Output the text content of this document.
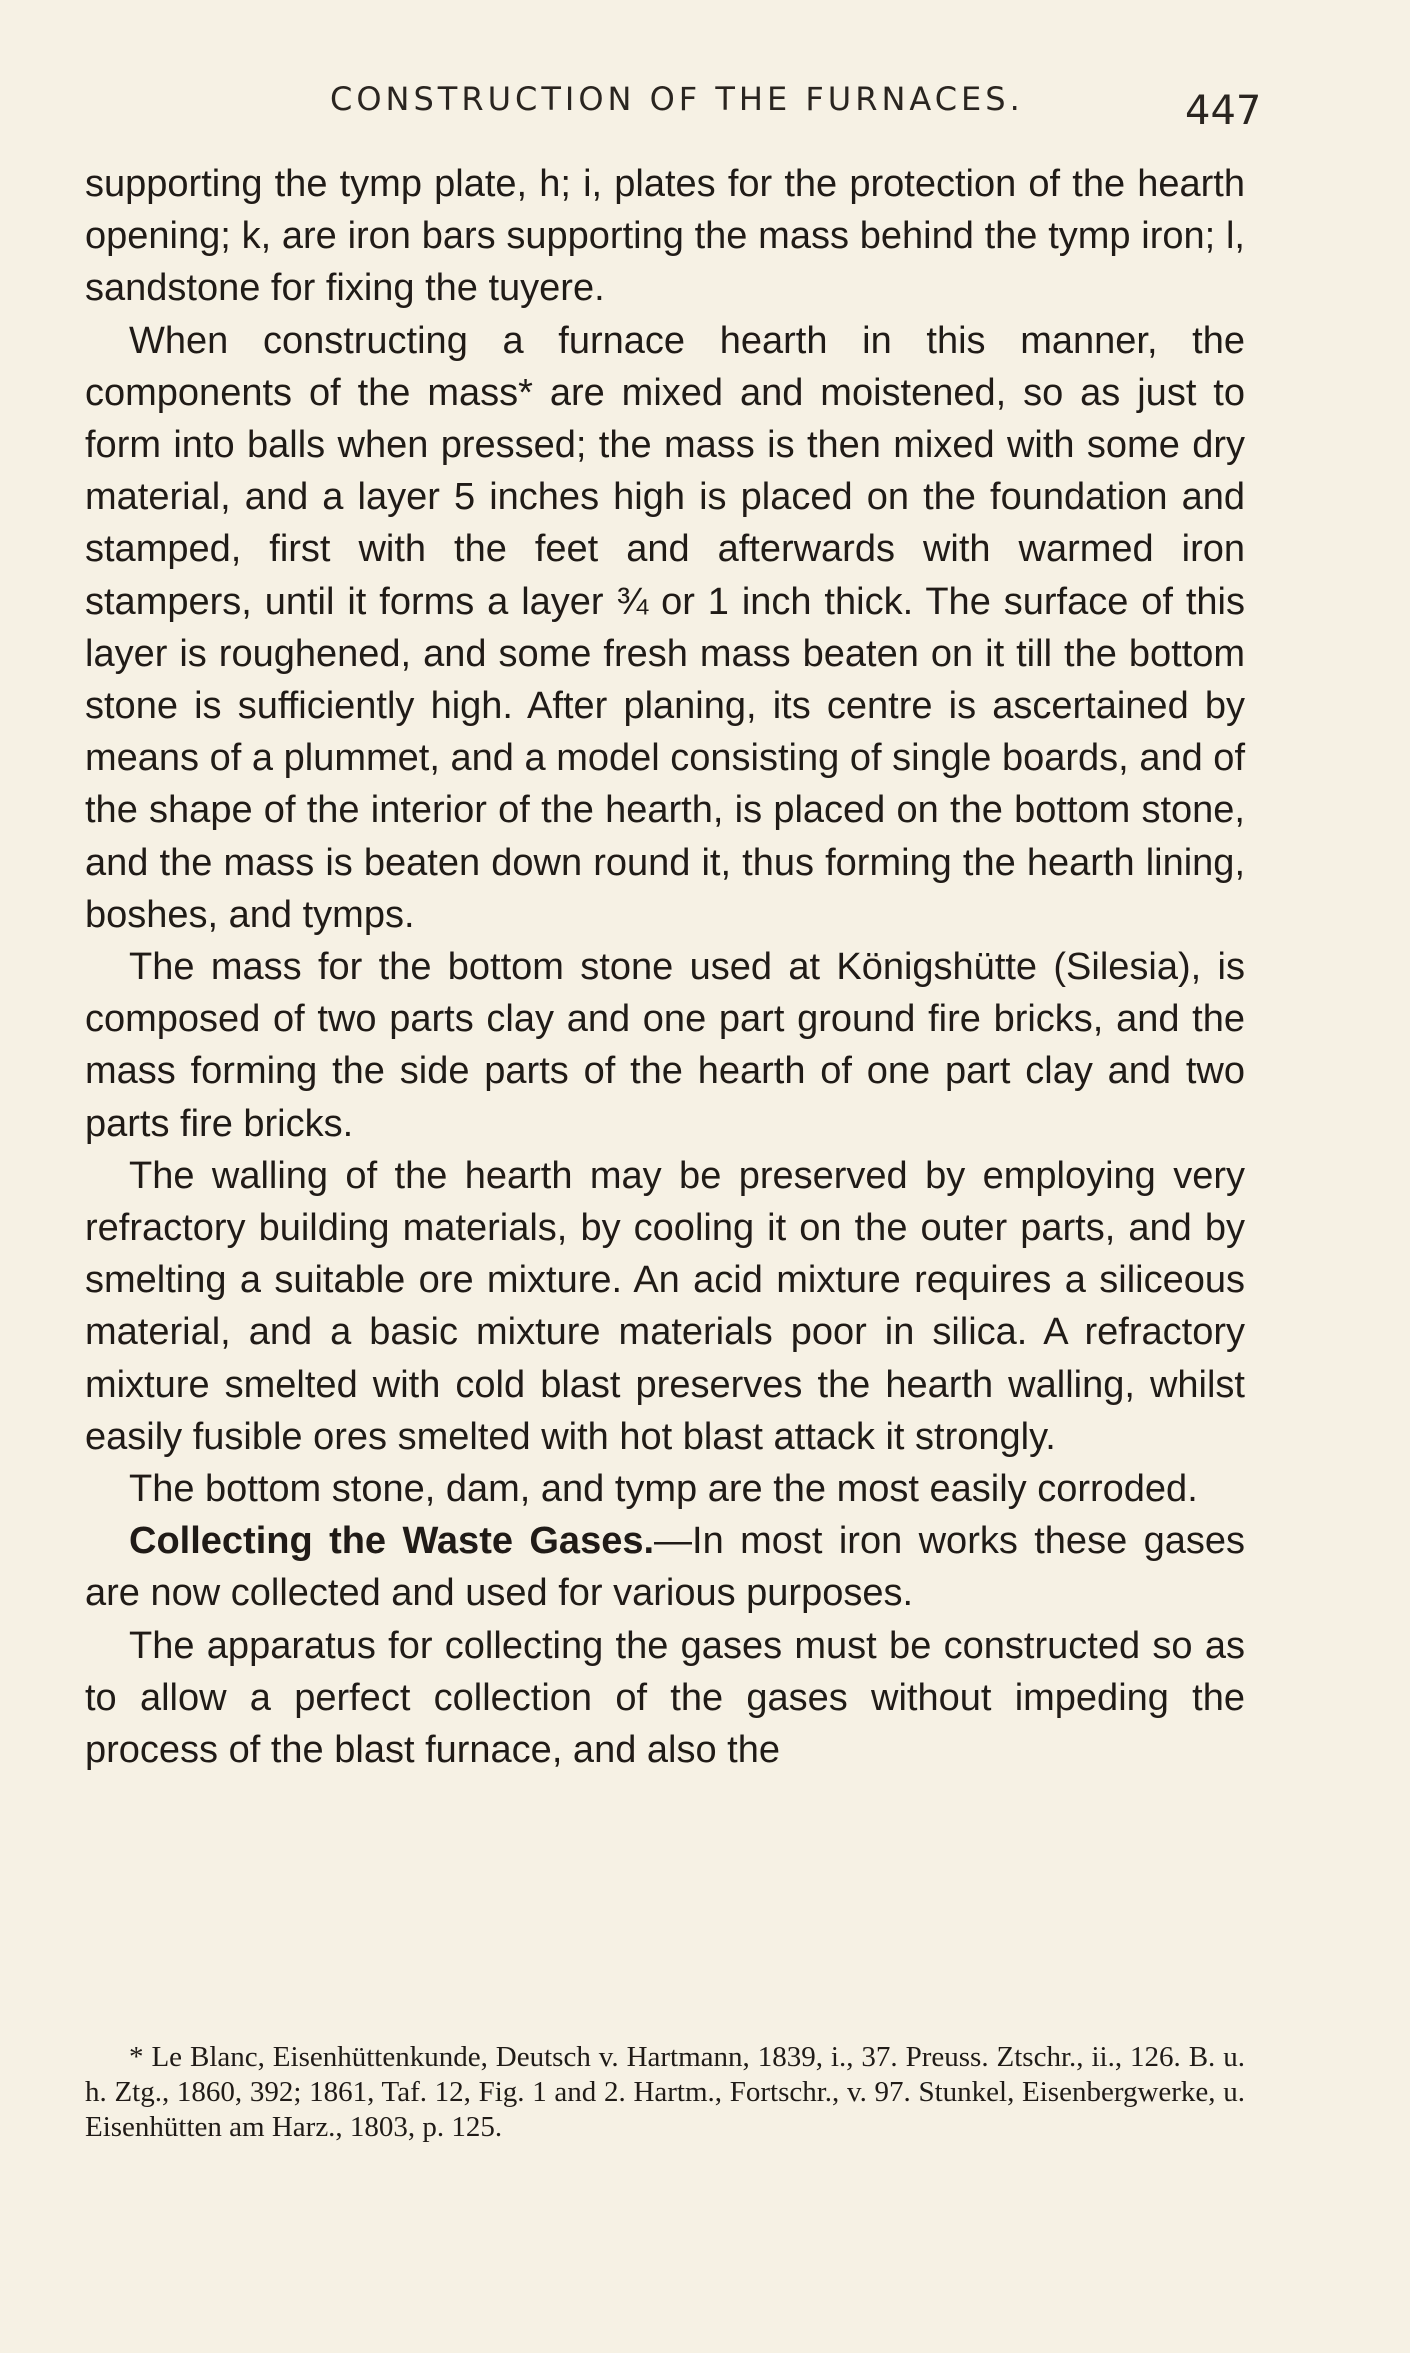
CONSTRUCTION OF THE FURNACES.	447

supporting the tymp plate, h; i, plates for the protection of the hearth opening; k, are iron bars supporting the mass behind the tymp iron; l, sandstone for fixing the tuyere.

When constructing a furnace hearth in this manner, the components of the mass* are mixed and moistened, so as just to form into balls when pressed; the mass is then mixed with some dry material, and a layer 5 inches high is placed on the foundation and stamped, first with the feet and afterwards with warmed iron stampers, until it forms a layer ¾ or 1 inch thick. The surface of this layer is roughened, and some fresh mass beaten on it till the bottom stone is sufficiently high. After planing, its centre is ascertained by means of a plummet, and a model consisting of single boards, and of the shape of the interior of the hearth, is placed on the bottom stone, and the mass is beaten down round it, thus forming the hearth lining, boshes, and tymps.

The mass for the bottom stone used at Königshütte (Silesia), is composed of two parts clay and one part ground fire bricks, and the mass forming the side parts of the hearth of one part clay and two parts fire bricks.

The walling of the hearth may be preserved by employing very refractory building materials, by cooling it on the outer parts, and by smelting a suitable ore mixture. An acid mixture requires a siliceous material, and a basic mixture materials poor in silica. A refractory mixture smelted with cold blast preserves the hearth walling, whilst easily fusible ores smelted with hot blast attack it strongly.

The bottom stone, dam, and tymp are the most easily corroded.

Collecting the Waste Gases.—In most iron works these gases are now collected and used for various purposes.

The apparatus for collecting the gases must be constructed so as to allow a perfect collection of the gases without impeding the process of the blast furnace, and also the

* Le Blanc, Eisenhüttenkunde, Deutsch v. Hartmann, 1839, i., 37. Preuss. Ztschr., ii., 126. B. u. h. Ztg., 1860, 392; 1861, Taf. 12, Fig. 1 and 2. Hartm., Fortschr., v. 97. Stunkel, Eisenbergwerke, u. Eisenhütten am Harz., 1803, p. 125.
